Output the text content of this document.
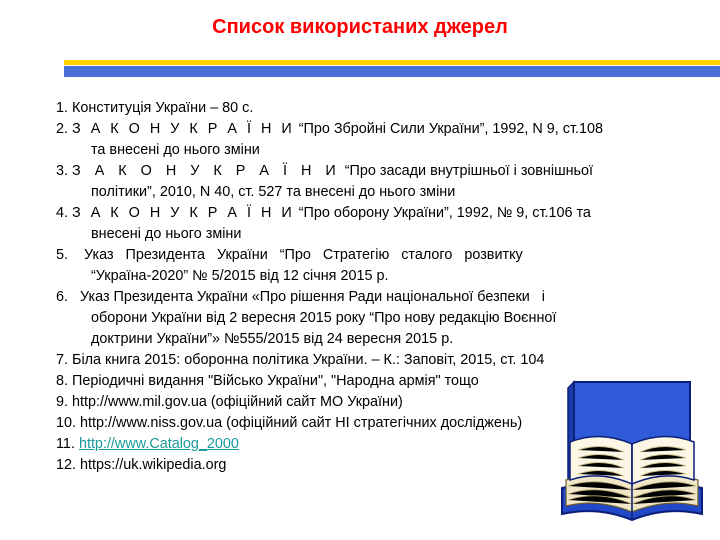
Список використаних джерел
1. Конституція України – 80 с.
2. З А К О Н У К Р А Ї Н И “Про Збройні Сили України”, 1992, N 9, ст.108
та внесені до нього зміни
3. З А К О Н У К Р А Ї Н И “Про засади внутрішньої і зовнішньої
політики”, 2010, N 40, ст. 527 та внесені до нього зміни
4. З А К О Н У К Р А Ї Н И “Про оборону України”, 1992, № 9, ст.106 та
внесені до нього зміни
5.    Указ   Президента   України   “Про   Стратегію   сталого   розвитку
“Україна-2020” № 5/2015 від 12 січня 2015 р.
6.   Указ Президента України «Про рішення Ради національної безпеки   і
оборони України від 2 вересня 2015 року “Про нову редакцію Воєнної
доктрини України”» №555/2015 від 24 вересня 2015 р.
7. Біла книга 2015: оборонна політика України. – К.: Заповіт, 2015, ст. 104
8. Періодичні видання "Військо України", "Народна армія" тощо
9. http://www.mil.gov.ua (офіційний сайт МО України)
10. http://www.niss.gov.ua (офіційний сайт НІ стратегічних досліджень)
11. http://www.Catalog_2000
12. https://uk.wikipedia.org
